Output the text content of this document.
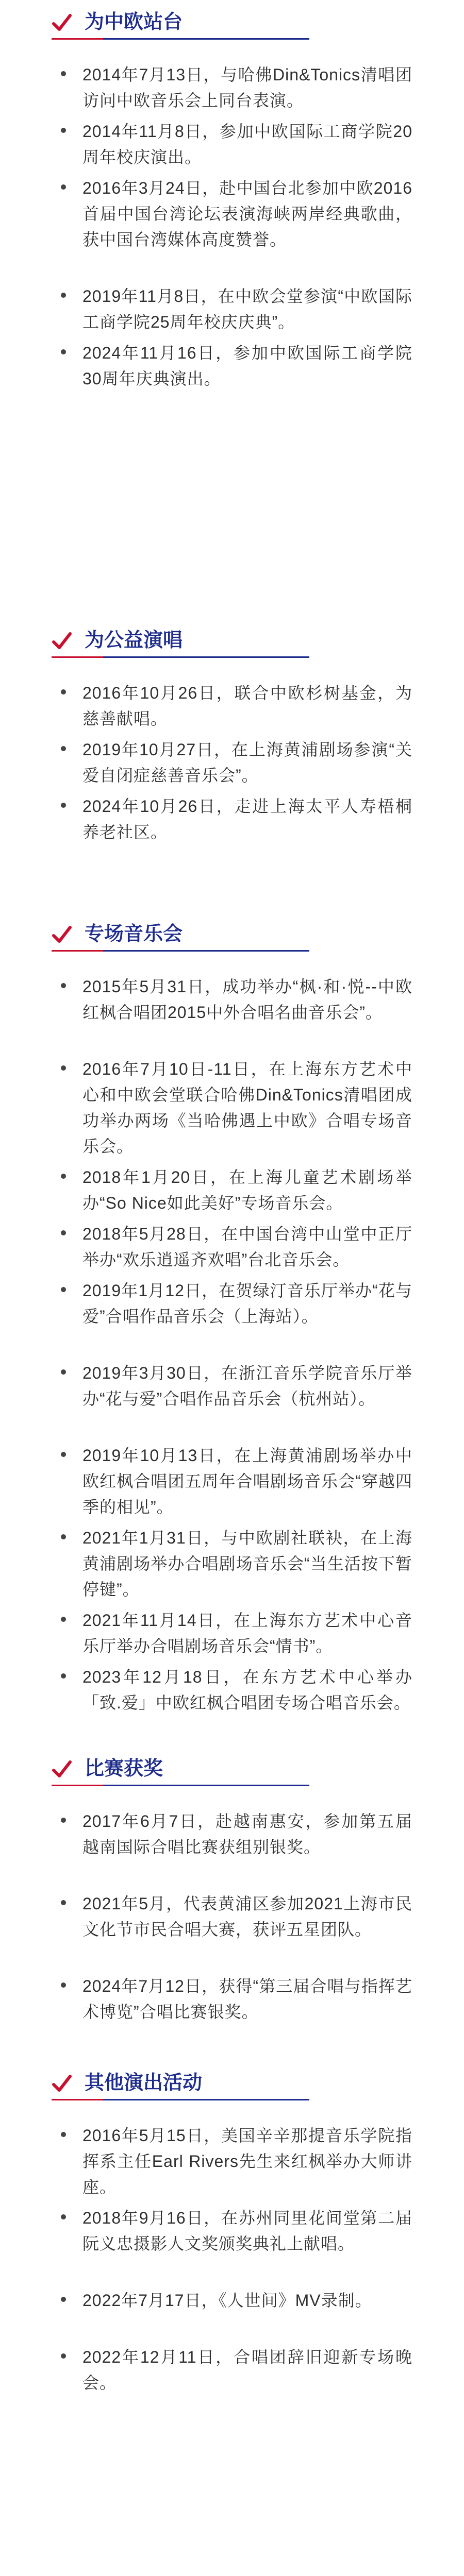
为中欧站台
2014年7月13日，与哈佛Din&Tonics清唱团访问中欧音乐会上同台表演。
2014年11月8日，参加中欧国际工商学院20周年校庆演出。
2016年3月24日，赴中国台北参加中欧2016首届中国台湾论坛表演海峡两岸经典歌曲，获中国台湾媒体高度赞誉。
2019年11月8日，在中欧会堂参演“中欧国际工商学院25周年校庆庆典”。
2024年11月16日，参加中欧国际工商学院30周年庆典演出。
为公益演唱
2016年10月26日，联合中欧杉树基金，为慈善献唱。
2019年10月27日，在上海黄浦剧场参演“关爱自闭症慈善音乐会”。
2024年10月26日，走进上海太平人寿梧桐养老社区。
专场音乐会
2015年5月31日，成功举办“枫·和·悦--中欧红枫合唱团2015中外合唱名曲音乐会”。
2016年7月10日-11日，在上海东方艺术中心和中欧会堂联合哈佛Din&Tonics清唱团成功举办两场《当哈佛遇上中欧》合唱专场音乐会。
2018年1月20日，在上海儿童艺术剧场举办“So Nice如此美好”专场音乐会。
2018年5月28日，在中国台湾中山堂中正厅举办“欢乐逍遥齐欢唱”台北音乐会。
2019年1月12日，在贺绿汀音乐厅举办“花与爱”合唱作品音乐会（上海站）。
2019年3月30日，在浙江音乐学院音乐厅举办“花与爱”合唱作品音乐会（杭州站）。
2019年10月13日，在上海黄浦剧场举办中欧红枫合唱团五周年合唱剧场音乐会“穿越四季的相见”。
2021年1月31日，与中欧剧社联袂，在上海黄浦剧场举办合唱剧场音乐会“当生活按下暂停键”。
2021年11月14日，在上海东方艺术中心音乐厅举办合唱剧场音乐会“情书”。
2023年12月18日，在东方艺术中心举办「致.爱」中欧红枫合唱团专场合唱音乐会。
比赛获奖
2017年6月7日，赴越南惠安，参加第五届越南国际合唱比赛获组别银奖。
2021年5月，代表黄浦区参加2021上海市民文化节市民合唱大赛，获评五星团队。
2024年7月12日，获得“第三届合唱与指挥艺术博览”合唱比赛银奖。
其他演出活动
2016年5月15日，美国辛辛那提音乐学院指挥系主任Earl Rivers先生来红枫举办大师讲座。
2018年9月16日，在苏州同里花间堂第二届阮义忠摄影人文奖颁奖典礼上献唱。
2022年7月17日，《人世间》MV录制。
2022年12月11日，合唱团辞旧迎新专场晚会。
